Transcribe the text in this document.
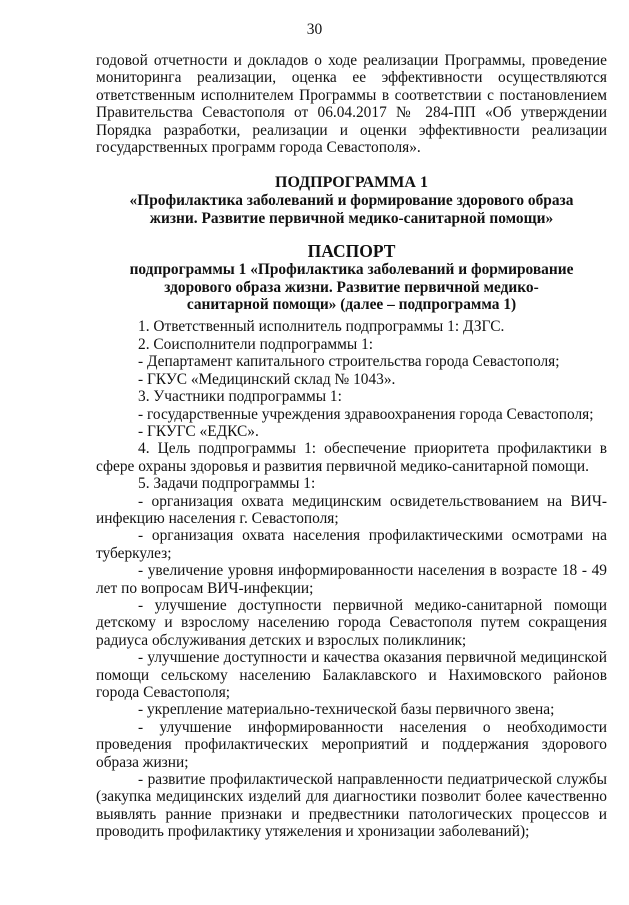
30

годовой отчетности и докладов о ходе реализации Программы, проведение мониторинга реализации, оценка ее эффективности осуществляются ответственным исполнителем Программы в соответствии с постановлением Правительства Севастополя от 06.04.2017 № 284-ПП «Об утверждении Порядка разработки, реализации и оценки эффективности реализации государственных программ города Севастополя».

ПОДПРОГРАММА 1

«Профилактика заболеваний и формирование здорового образа жизни. Развитие первичной медико-санитарной помощи»

ПАСПОРТ

подпрограммы 1 «Профилактика заболеваний и формирование здорового образа жизни. Развитие первичной медико-санитарной помощи» (далее – подпрограмма 1)

1. Ответственный исполнитель подпрограммы 1: ДЗГС.

2. Соисполнители подпрограммы 1:

- Департамент капитального строительства города Севастополя;

- ГКУС «Медицинский склад № 1043».

3. Участники подпрограммы 1:

- государственные учреждения здравоохранения города Севастополя;

- ГКУГС «ЕДКС».

4. Цель подпрограммы 1: обеспечение приоритета профилактики в сфере охраны здоровья и развития первичной медико-санитарной помощи.

5. Задачи подпрограммы 1:

- организация охвата медицинским освидетельствованием на ВИЧ-инфекцию населения г. Севастополя;

- организация охвата населения профилактическими осмотрами на туберкулез;

- увеличение уровня информированности населения в возрасте 18 - 49 лет по вопросам ВИЧ-инфекции;

- улучшение доступности первичной медико-санитарной помощи детскому и взрослому населению города Севастополя путем сокращения радиуса обслуживания детских и взрослых поликлиник;

- улучшение доступности и качества оказания первичной медицинской помощи сельскому населению Балаклавского и Нахимовского районов города Севастополя;

- укрепление материально-технической базы первичного звена;

- улучшение информированности населения о необходимости проведения профилактических мероприятий и поддержания здорового образа жизни;

- развитие профилактической направленности педиатрической службы (закупка медицинских изделий для диагностики позволит более качественно выявлять ранние признаки и предвестники патологических процессов и проводить профилактику утяжеления и хронизации заболеваний);
